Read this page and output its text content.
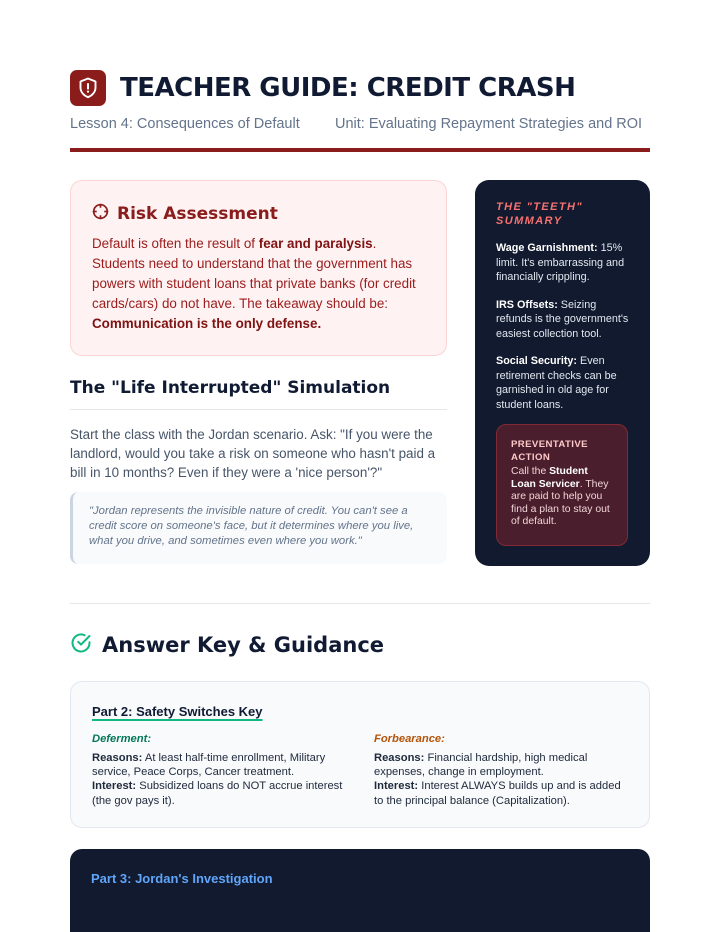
TEACHER GUIDE: CREDIT CRASH
Lesson 4: Consequences of Default Unit: Evaluating Repayment Strategies and ROI
Risk Assessment

Default is often the result of fear and paralysis. Students need to understand that the government has powers with student loans that private banks (for credit cards/cars) do not have. The takeaway should be: Communication is the only defense.

The "Life Interrupted" Simulation

Start the class with the Jordan scenario. Ask: "If you were the landlord, would you take a risk on someone who hasn't paid a bill in 10 months? Even if they were a 'nice person'?"

"Jordan represents the invisible nature of credit. You can't see a credit score on someone's face, but it determines where you live, what you drive, and sometimes even where you work."
THE "TEETH" SUMMARY
Wage Garnishment: 15% limit. It's embarrassing and financially crippling.
IRS Offsets: Seizing refunds is the government's easiest collection tool.
Social Security: Even retirement checks can be garnished in old age for student loans.
PREVENTATIVE ACTION
Call the Student Loan Servicer. They are paid to help you find a plan to stay out of default.
Answer Key & Guidance
Part 2: Safety Switches Key
Deferment:
Reasons: At least half-time enrollment, Military service, Peace Corps, Cancer treatment.
Interest: Subsidized loans do NOT accrue interest (the gov pays it).
Forbearance:
Reasons: Financial hardship, high medical expenses, change in employment.
Interest: Interest ALWAYS builds up and is added to the principal balance (Capitalization).
Part 3: Jordan's Investigation
